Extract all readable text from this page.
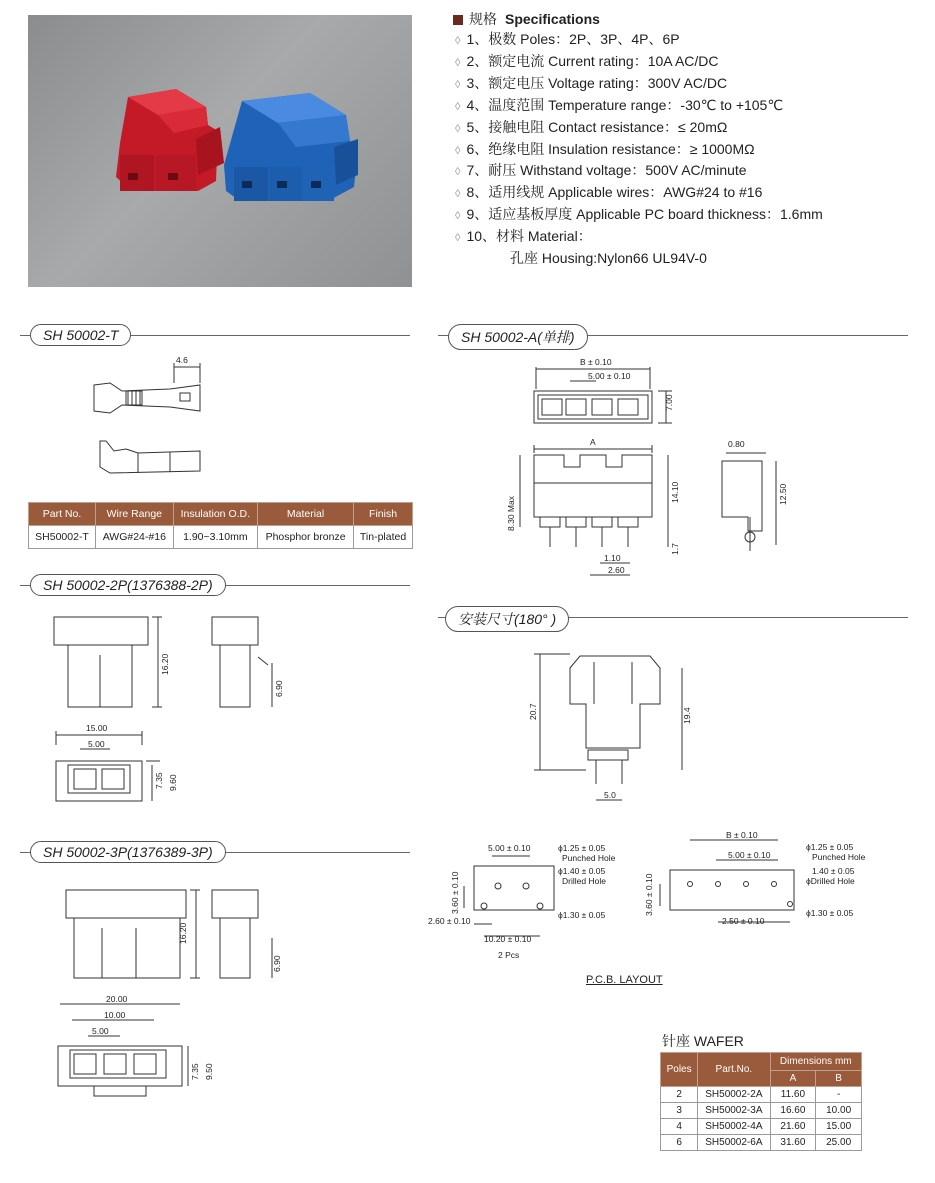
规格 Specifications
◊ 1、极数 Poles：2P、3P、4P、6P
◊ 2、额定电流 Current rating：10A AC/DC
◊ 3、额定电压 Voltage rating：300V AC/DC
◊ 4、温度范围 Temperature range：-30℃ to +105℃
◊ 5、接触电阻 Contact resistance：≤ 20mΩ
◊ 6、绝缘电阻 Insulation resistance：≥ 1000MΩ
◊ 7、耐压 Withstand voltage：500V AC/minute
◊ 8、适用线规 Applicable wires：AWG#24 to #16
◊ 9、适应基板厚度 Applicable PC board thickness：1.6mm
◊ 10、材料 Material：
孔座 Housing:Nylon66 UL94V-0
SH 50002-T	SH 50002-A(单排)
SH 50002-2P(1376388-2P)
安装尺寸(180° )
SH 50002-3P(1376389-3P)
4.6
Part No.	Wire Range	Insulation O.D.	Material	Finish
SH50002-T	AWG#24-#16	1.90~3.10mm	Phosphor bronze	Tin-plated
B ± 0.10
5.00 ± 0.10
7.00
A	0.80
8.30 Max
14.10	12.50
1.7
1.10
2.60
16.20
6.90
15.00
5.00
7.35 9.60
20.7	19.4
5.0
16.20
6.90
20.00
10.00
5.00
7.35 9.50
5.00 ± 0.10	ϕ1.25 ± 0.05
Punched Hole
ϕ1.40 ± 0.05
Drilled Hole
3.60 ± 0.10
ϕ1.30 ± 0.05
2.60 ± 0.10
10.20 ± 0.10
2 Pcs
B ± 0.10
5.00 ± 0.10
ϕ1.25 ± 0.05
Punched Hole
1.40 ± 0.05
ϕDrilled Hole
3.60 ± 0.10
2.50 ± 0.10
ϕ1.30 ± 0.05
P.C.B. LAYOUT
针座 WAFER
Poles	Part.No.	Dimensions mm	
		A	B
2	SH50002-2A	11.60	-
3	SH50002-3A	16.60	10.00
4	SH50002-4A	21.60	15.00
6	SH50002-6A	31.60	25.00
